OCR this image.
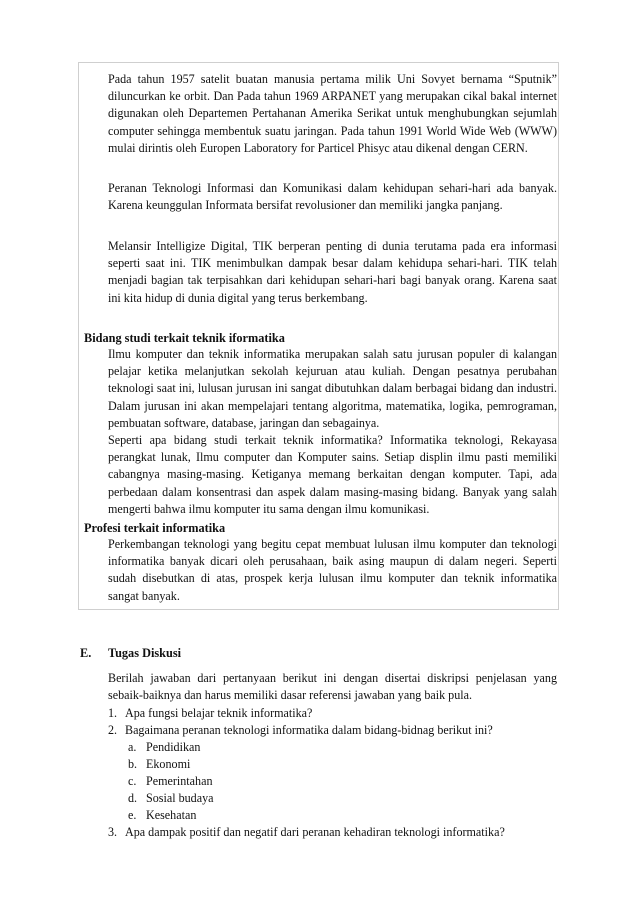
Pada tahun 1957 satelit buatan manusia pertama milik Uni Sovyet bernama “Sputnik” diluncurkan ke orbit. Dan Pada tahun 1969 ARPANET yang merupakan cikal bakal internet digunakan oleh Departemen Pertahanan Amerika Serikat untuk menghubungkan sejumlah computer sehingga membentuk suatu jaringan. Pada tahun 1991 World Wide Web (WWW) mulai dirintis oleh Europen Laboratory for Particel Phisyc atau dikenal dengan CERN.

Peranan Teknologi Informasi dan Komunikasi dalam kehidupan sehari-hari ada banyak. Karena keunggulan Informata bersifat revolusioner dan memiliki jangka panjang.

Melansir Intelligize Digital, TIK berperan penting di dunia terutama pada era informasi seperti saat ini. TIK menimbulkan dampak besar dalam kehidupa sehari-hari. TIK telah menjadi bagian tak terpisahkan dari kehidupan sehari-hari bagi banyak orang. Karena saat ini kita hidup di dunia digital yang terus berkembang.

Bidang studi terkait teknik iformatika

Ilmu komputer dan teknik informatika merupakan salah satu jurusan populer di kalangan pelajar ketika melanjutkan sekolah kejuruan atau kuliah. Dengan pesatnya perubahan teknologi saat ini, lulusan jurusan ini sangat dibutuhkan dalam berbagai bidang dan industri. Dalam jurusan ini akan mempelajari tentang algoritma, matematika, logika, pemrograman, pembuatan software, database, jaringan dan sebagainya.

Seperti apa bidang studi terkait teknik informatika? Informatika teknologi, Rekayasa perangkat lunak, Ilmu computer dan Komputer sains. Setiap displin ilmu pasti memiliki cabangnya masing-masing. Ketiganya memang berkaitan dengan komputer. Tapi, ada perbedaan dalam konsentrasi dan aspek dalam masing-masing bidang. Banyak yang salah mengerti bahwa ilmu komputer itu sama dengan ilmu komunikasi.

Profesi terkait informatika

Perkembangan teknologi yang begitu cepat membuat lulusan ilmu komputer dan teknologi informatika banyak dicari oleh perusahaan, baik asing maupun di dalam negeri. Seperti sudah disebutkan di atas, prospek kerja lulusan ilmu komputer dan teknik informatika sangat banyak.

E. Tugas Diskusi

Berilah jawaban dari pertanyaan berikut ini dengan disertai diskripsi penjelasan yang sebaik-baiknya dan harus memiliki dasar referensi jawaban yang baik pula.

1. Apa fungsi belajar teknik informatika?
2. Bagaimana peranan teknologi informatika dalam bidang-bidnag berikut ini?
a. Pendidikan
b. Ekonomi
c. Pemerintahan
d. Sosial budaya
e. Kesehatan
3. Apa dampak positif dan negatif dari peranan kehadiran teknologi informatika?
